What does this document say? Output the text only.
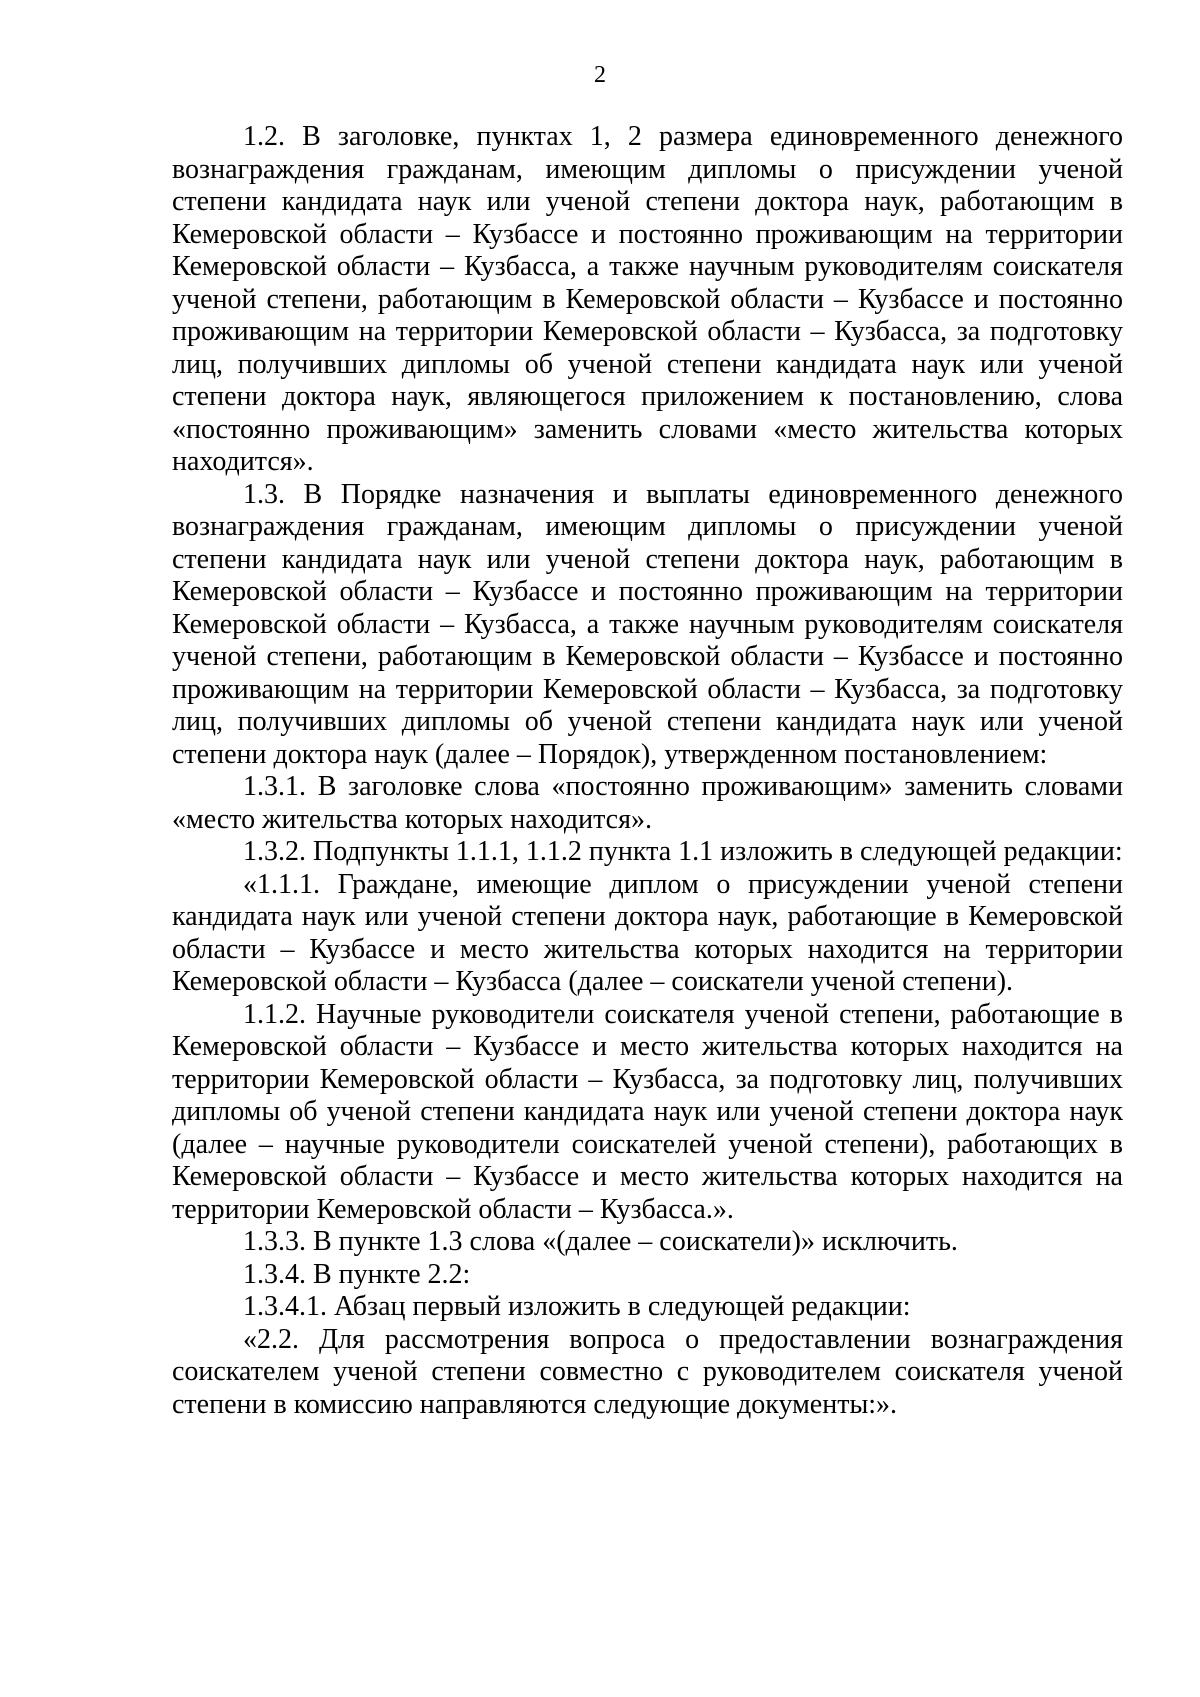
2

1.2. В заголовке, пунктах 1, 2 размера единовременного денежного вознаграждения гражданам, имеющим дипломы о присуждении ученой степени кандидата наук или ученой степени доктора наук, работающим в Кемеровской области – Кузбассе и постоянно проживающим на территории Кемеровской области – Кузбасса, а также научным руководителям соискателя ученой степени, работающим в Кемеровской области – Кузбассе и постоянно проживающим на территории Кемеровской области – Кузбасса, за подготовку лиц, получивших дипломы об ученой степени кандидата наук или ученой степени доктора наук, являющегося приложением к постановлению, слова «постоянно проживающим» заменить словами «место жительства которых находится».

1.3. В Порядке назначения и выплаты единовременного денежного вознаграждения гражданам, имеющим дипломы о присуждении ученой степени кандидата наук или ученой степени доктора наук, работающим в Кемеровской области – Кузбассе и постоянно проживающим на территории Кемеровской области – Кузбасса, а также научным руководителям соискателя ученой степени, работающим в Кемеровской области – Кузбассе и постоянно проживающим на территории Кемеровской области – Кузбасса, за подготовку лиц, получивших дипломы об ученой степени кандидата наук или ученой степени доктора наук (далее – Порядок), утвержденном постановлением:

1.3.1. В заголовке слова «постоянно проживающим» заменить словами «место жительства которых находится».

1.3.2. Подпункты 1.1.1, 1.1.2 пункта 1.1 изложить в следующей редакции:

«1.1.1. Граждане, имеющие диплом о присуждении ученой степени кандидата наук или ученой степени доктора наук, работающие в Кемеровской области – Кузбассе и место жительства которых находится на территории Кемеровской области – Кузбасса (далее – соискатели ученой степени).

1.1.2. Научные руководители соискателя ученой степени, работающие в Кемеровской области – Кузбассе и место жительства которых находится на территории Кемеровской области – Кузбасса, за подготовку лиц, получивших дипломы об ученой степени кандидата наук или ученой степени доктора наук (далее – научные руководители соискателей ученой степени), работающих в Кемеровской области – Кузбассе и место жительства которых находится на территории Кемеровской области – Кузбасса.».

1.3.3. В пункте 1.3 слова «(далее – соискатели)» исключить.

1.3.4. В пункте 2.2:

1.3.4.1. Абзац первый изложить в следующей редакции:

«2.2. Для рассмотрения вопроса о предоставлении вознаграждения соискателем ученой степени совместно с руководителем соискателя ученой степени в комиссию направляются следующие документы:».
